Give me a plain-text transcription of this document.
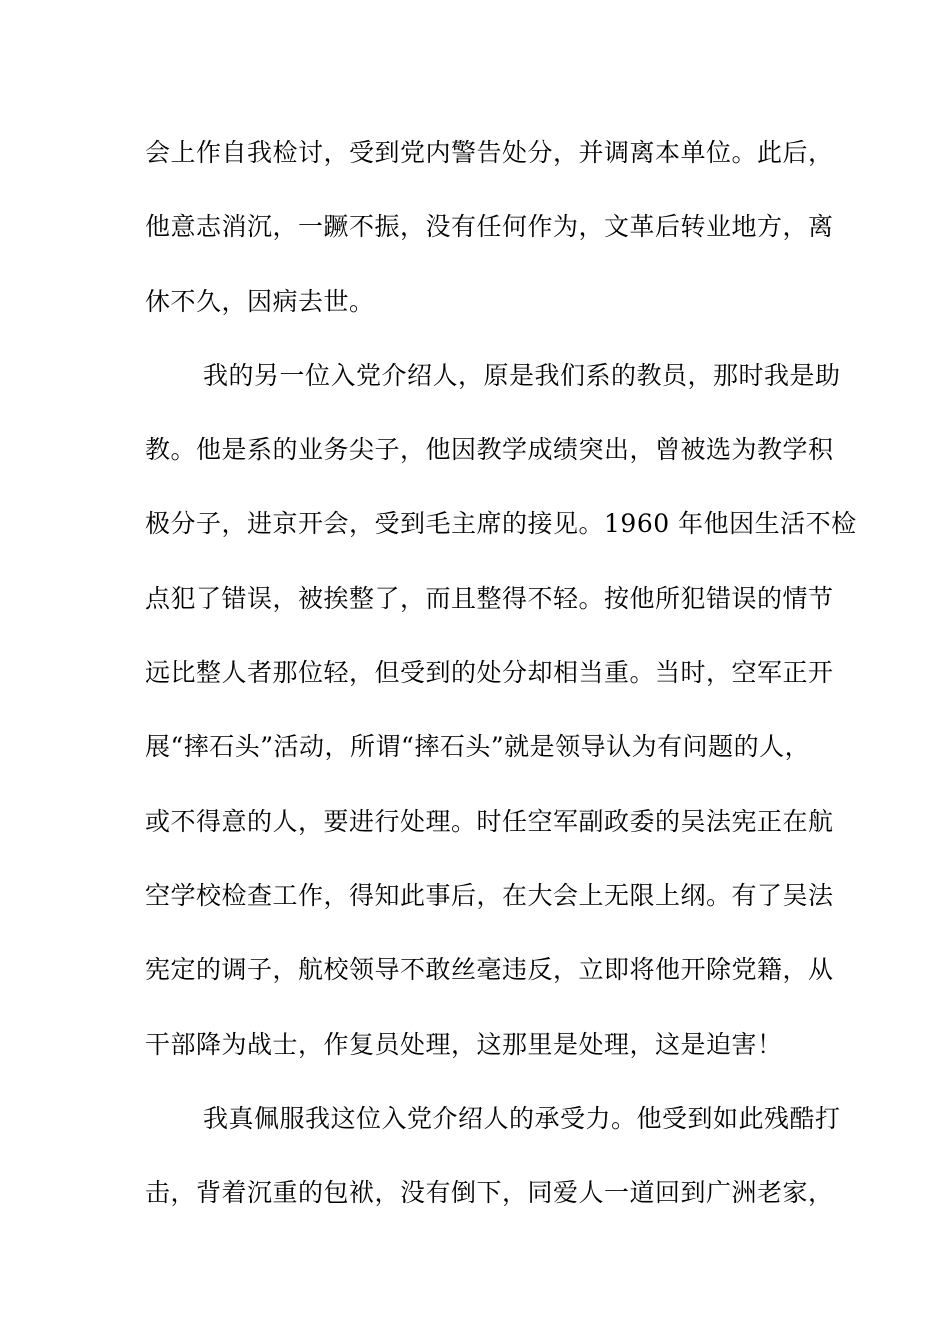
会上作自我检讨，受到党内警告处分，并调离本单位。此后，
他意志消沉，一蹶不振，没有任何作为，文革后转业地方，离
休不久，因病去世。
我的另一位入党介绍人，原是我们系的教员，那时我是助
教。他是系的业务尖子，他因教学成绩突出，曾被选为教学积
极分子，进京开会，受到毛主席的接见。1960 年他因生活不检
点犯了错误，被挨整了，而且整得不轻。按他所犯错误的情节
远比整人者那位轻，但受到的处分却相当重。当时，空军正开
展“摔石头”活动，所谓“摔石头”就是领导认为有问题的人，
或不得意的人，要进行处理。时任空军副政委的吴法宪正在航
空学校检查工作，得知此事后，在大会上无限上纲。有了吴法
宪定的调子，航校领导不敢丝毫违反，立即将他开除党籍，从
干部降为战士，作复员处理，这那里是处理，这是迫害！
我真佩服我这位入党介绍人的承受力。他受到如此残酷打
击，背着沉重的包袱，没有倒下，同爱人一道回到广洲老家，
